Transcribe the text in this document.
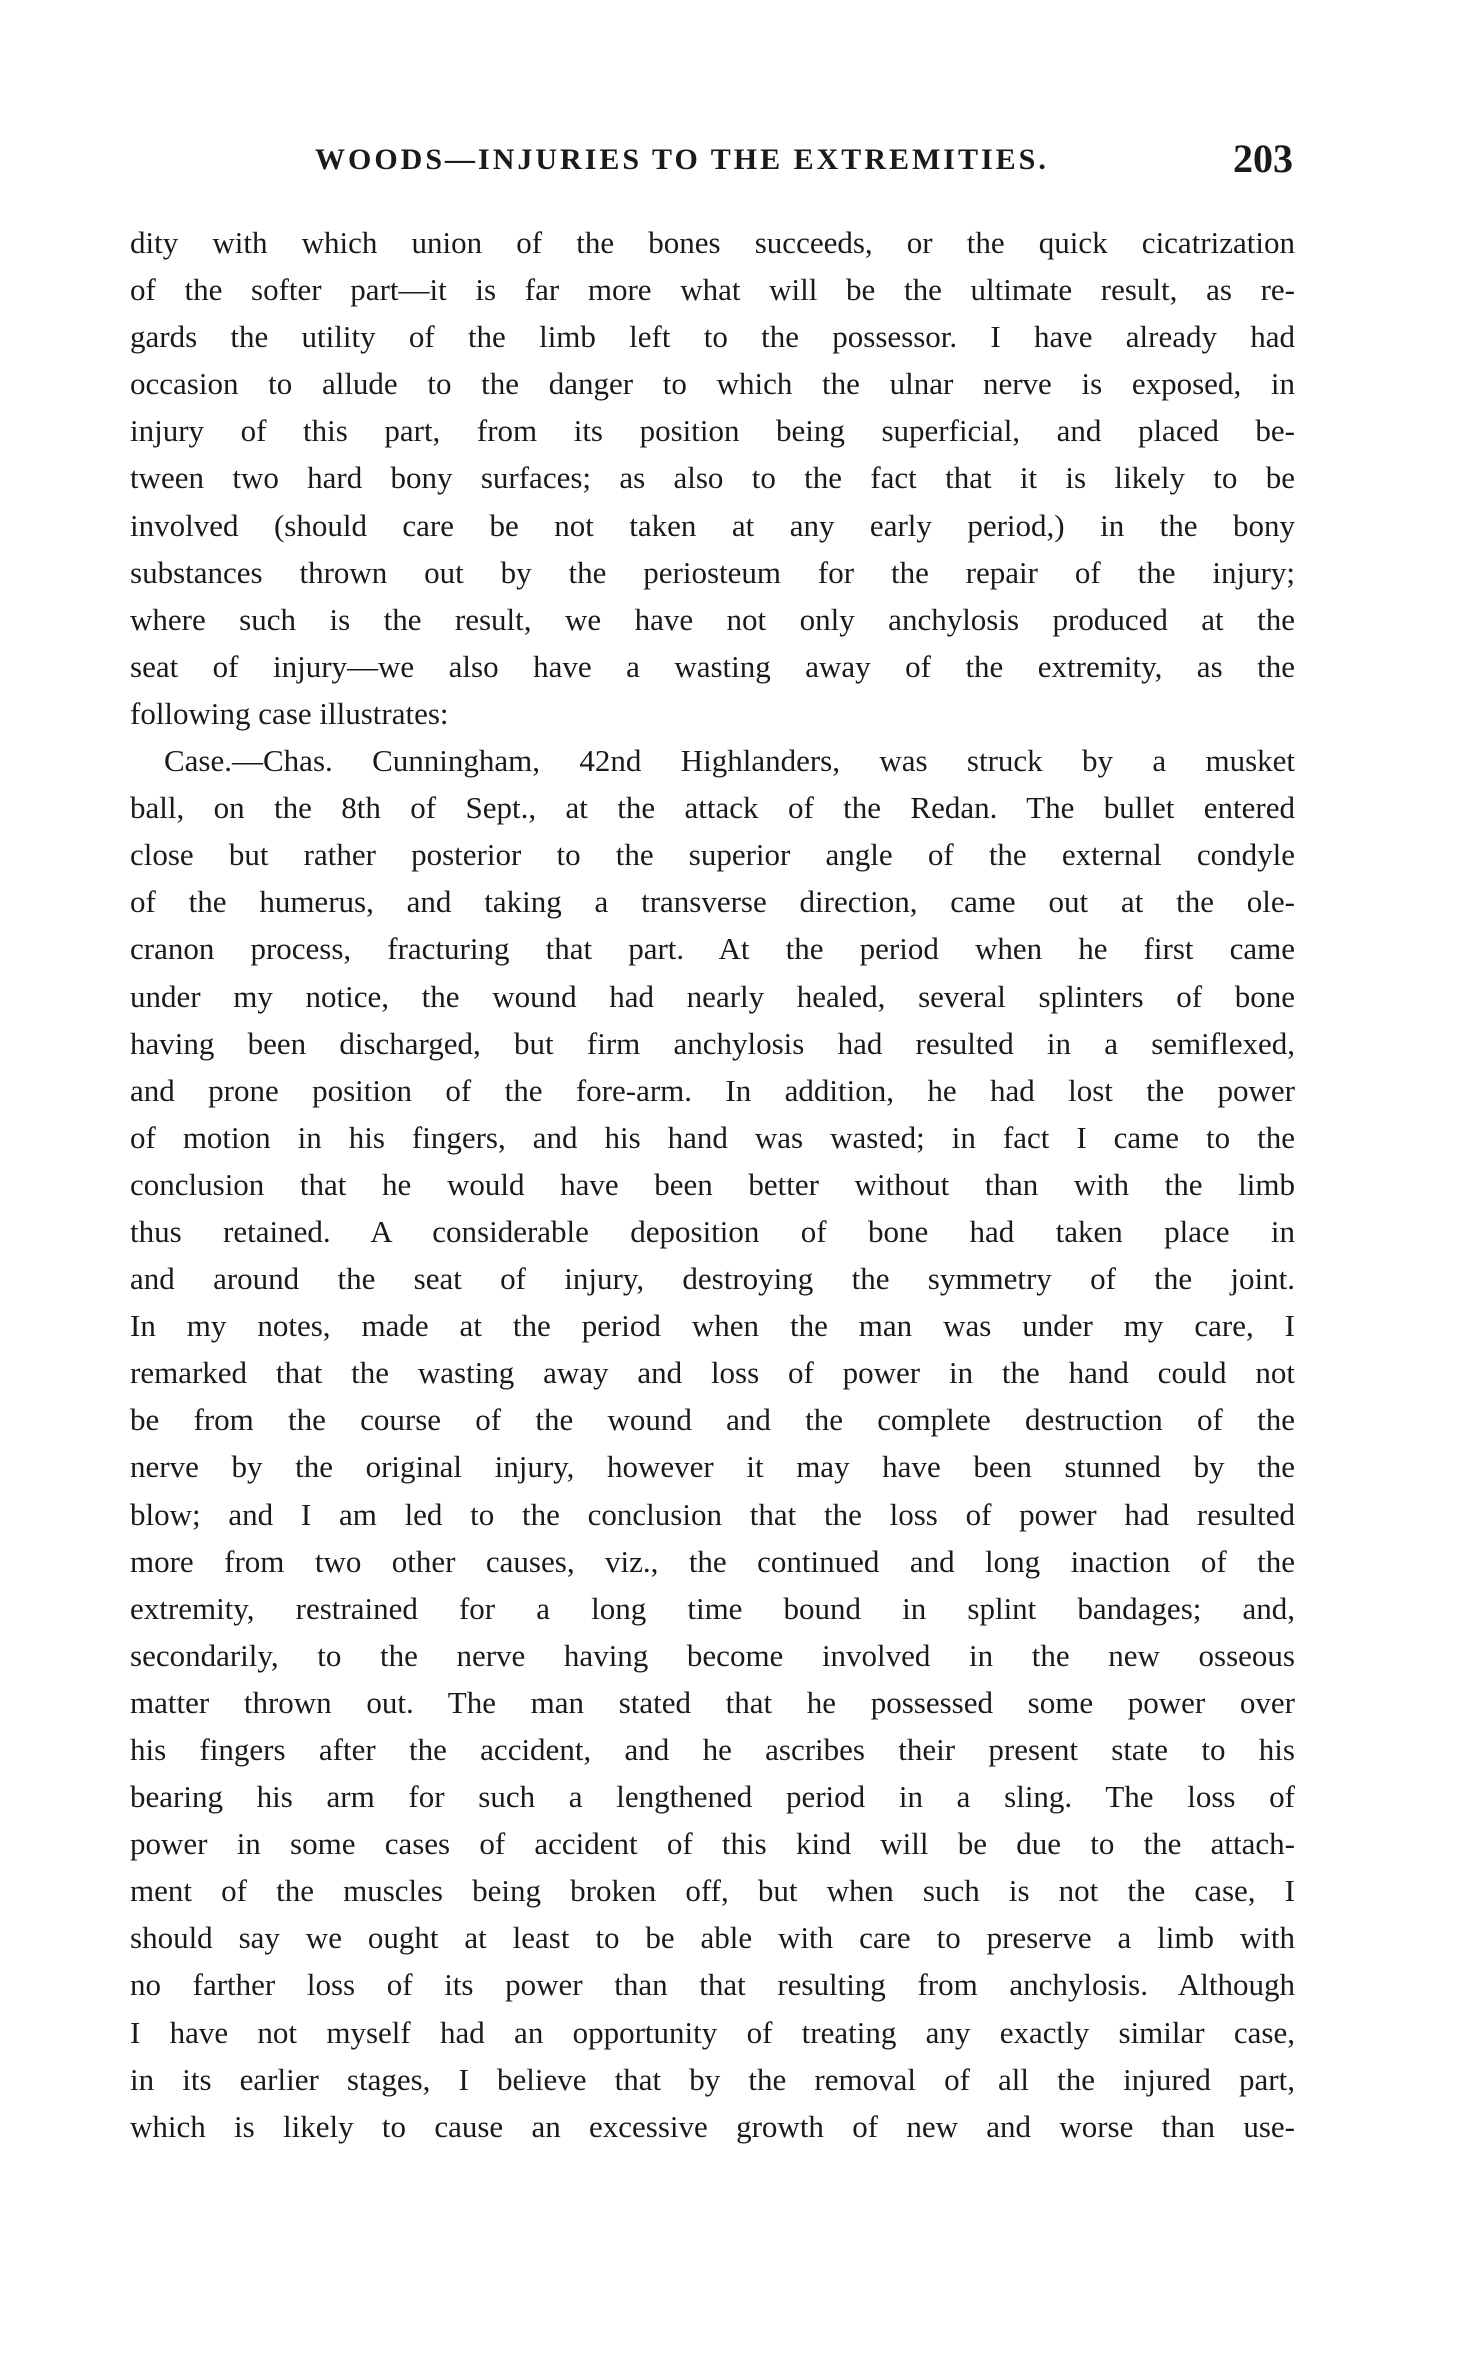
WOODS—INJURIES TO THE EXTREMITIES.	203
dity with which union of the bones succeeds, or the quick cicatrization
of the softer part—it is far more what will be the ultimate result, as re-
gards the utility of the limb left to the possessor. I have already had
occasion to allude to the danger to which the ulnar nerve is exposed, in
injury of this part, from its position being superficial, and placed be-
tween two hard bony surfaces; as also to the fact that it is likely to be
involved (should care be not taken at any early period,) in the bony
substances thrown out by the periosteum for the repair of the injury;
where such is the result, we have not only anchylosis produced at the
seat of injury—we also have a wasting away of the extremity, as the
following case illustrates:
Case.—Chas. Cunningham, 42nd Highlanders, was struck by a musket
ball, on the 8th of Sept., at the attack of the Redan. The bullet entered
close but rather posterior to the superior angle of the external condyle
of the humerus, and taking a transverse direction, came out at the ole-
cranon process, fracturing that part. At the period when he first came
under my notice, the wound had nearly healed, several splinters of bone
having been discharged, but firm anchylosis had resulted in a semiflexed,
and prone position of the fore-arm. In addition, he had lost the power
of motion in his fingers, and his hand was wasted; in fact I came to the
conclusion that he would have been better without than with the limb
thus retained. A considerable deposition of bone had taken place in
and around the seat of injury, destroying the symmetry of the joint.
In my notes, made at the period when the man was under my care, I
remarked that the wasting away and loss of power in the hand could not
be from the course of the wound and the complete destruction of the
nerve by the original injury, however it may have been stunned by the
blow; and I am led to the conclusion that the loss of power had resulted
more from two other causes, viz., the continued and long inaction of the
extremity, restrained for a long time bound in splint bandages; and,
secondarily, to the nerve having become involved in the new osseous
matter thrown out. The man stated that he possessed some power over
his fingers after the accident, and he ascribes their present state to his
bearing his arm for such a lengthened period in a sling. The loss of
power in some cases of accident of this kind will be due to the attach-
ment of the muscles being broken off, but when such is not the case, I
should say we ought at least to be able with care to preserve a limb with
no farther loss of its power than that resulting from anchylosis. Although
I have not myself had an opportunity of treating any exactly similar case,
in its earlier stages, I believe that by the removal of all the injured part,
which is likely to cause an excessive growth of new and worse than use-
